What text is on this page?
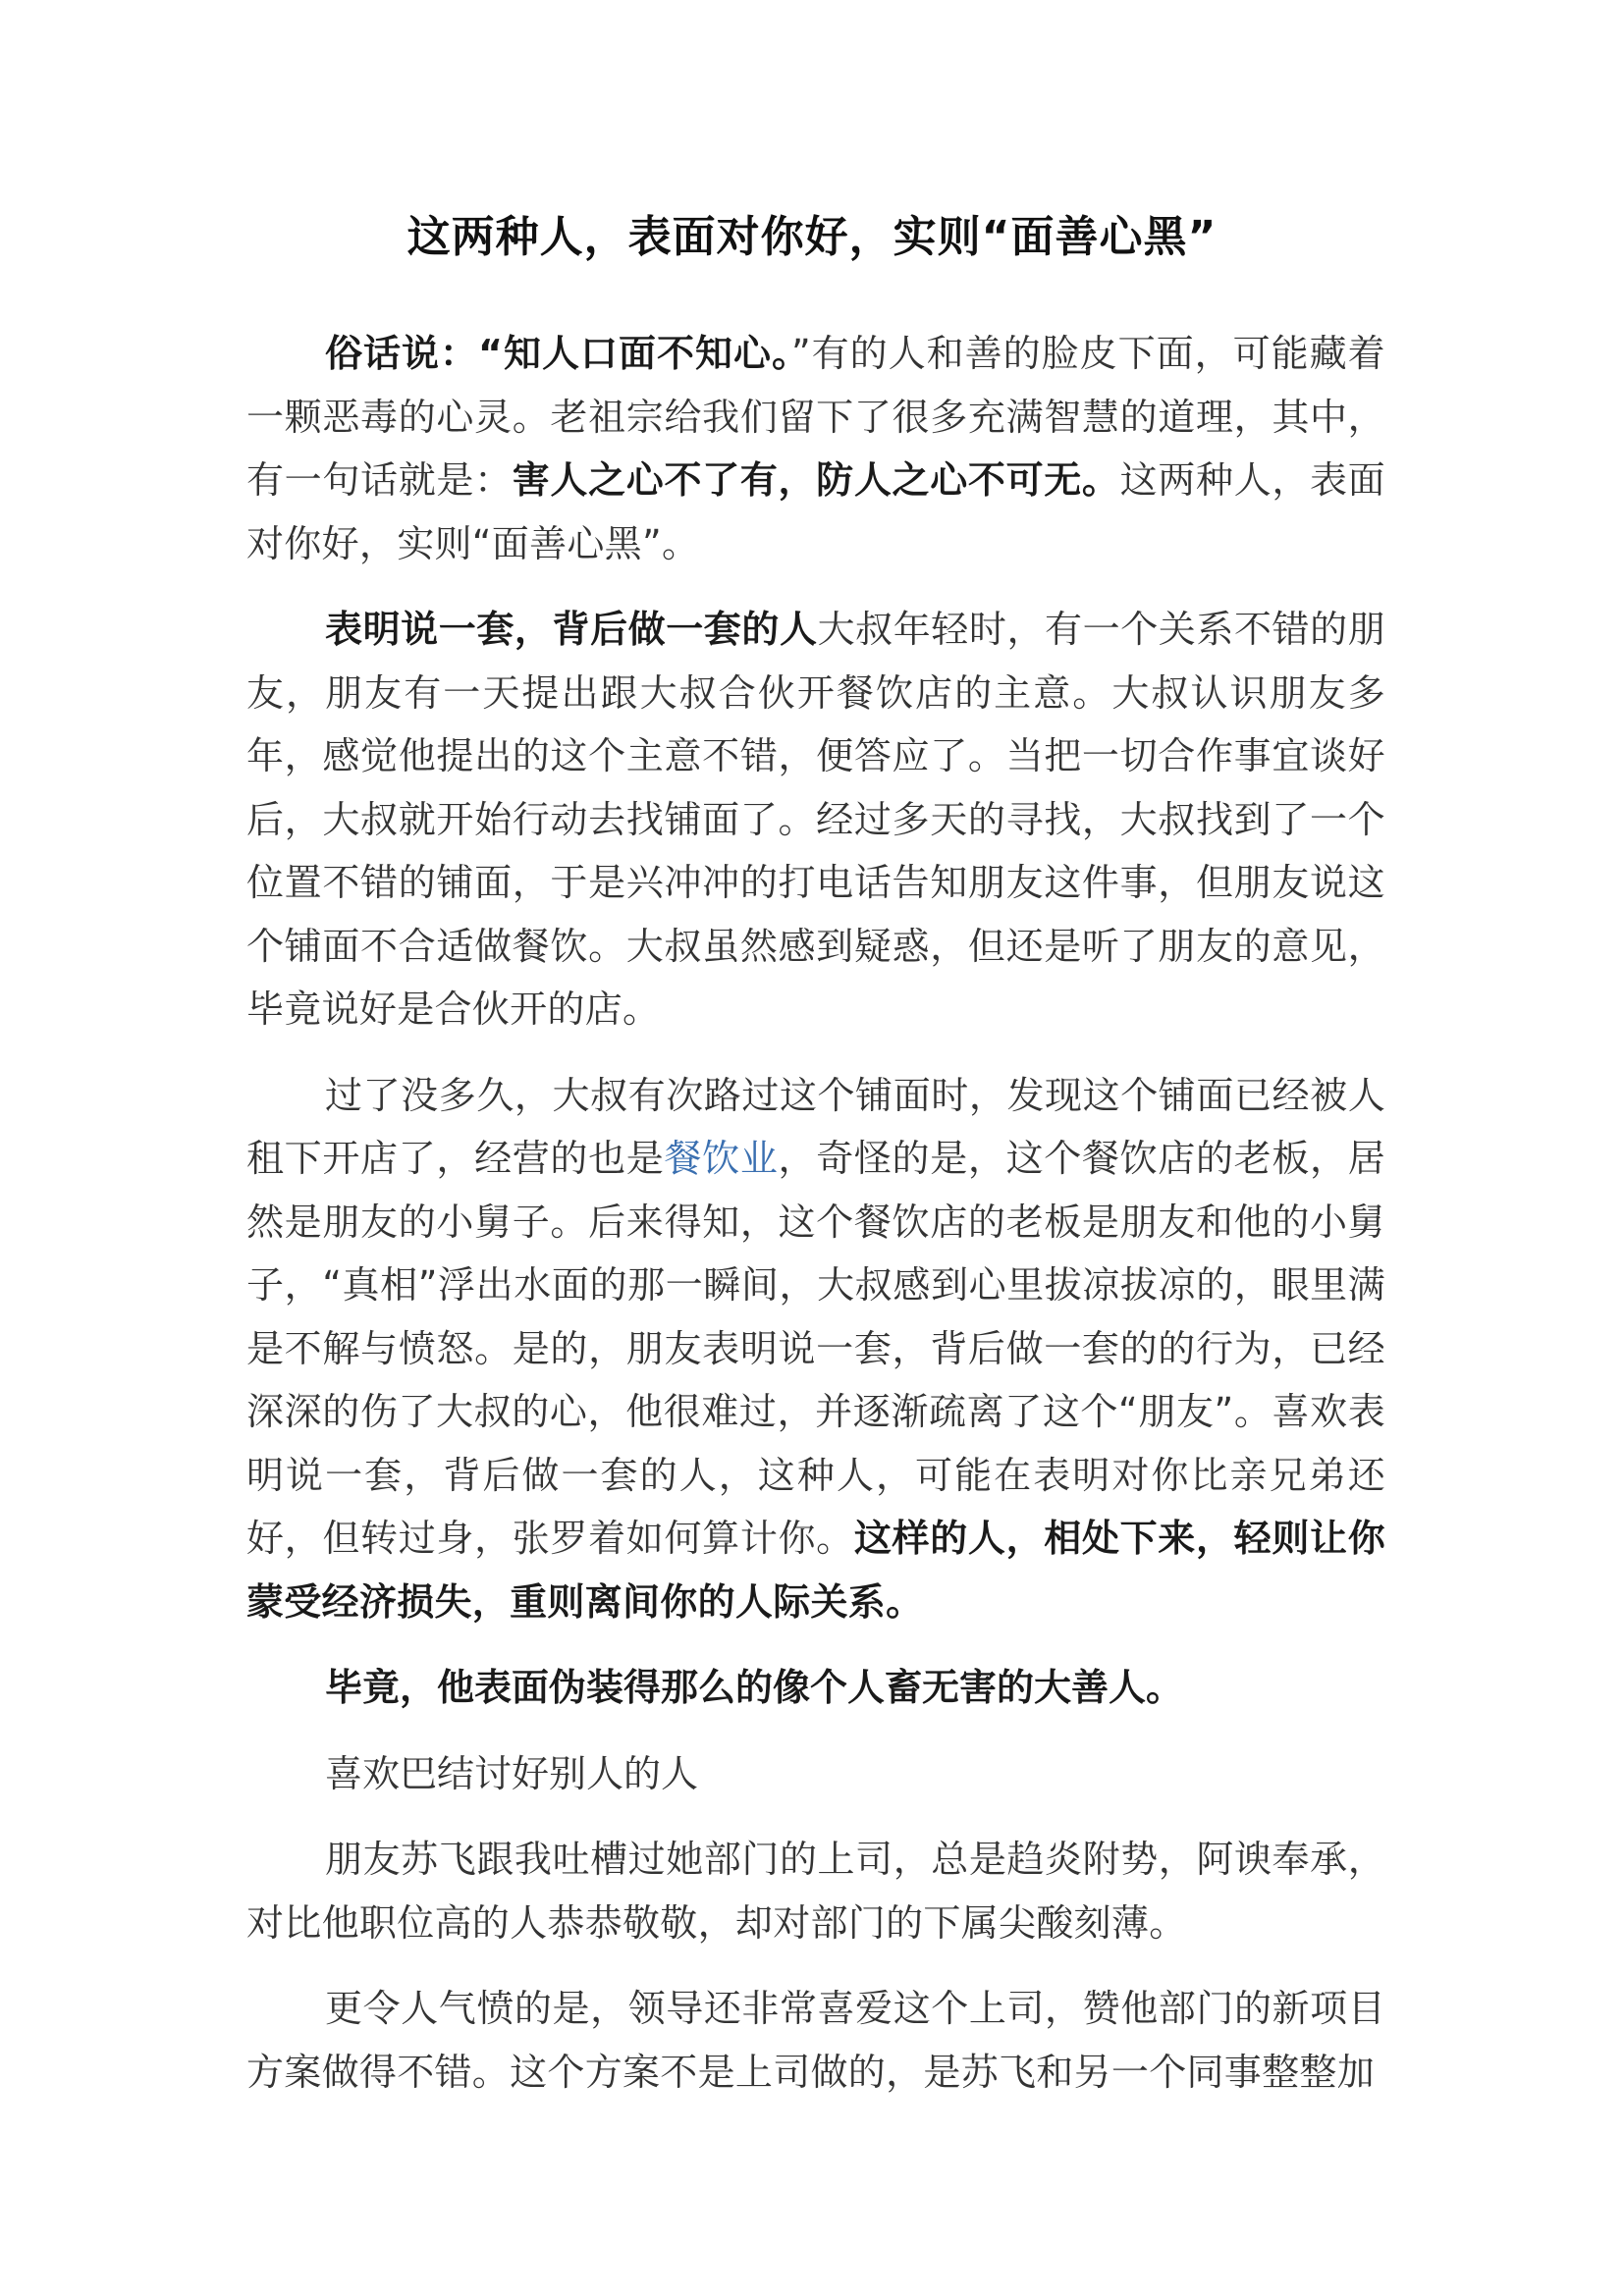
这两种人，表面对你好，实则“面善心黑”

俗话说：“知人口面不知心。”有的人和善的脸皮下面，可能藏着一颗恶毒的心灵。老祖宗给我们留下了很多充满智慧的道理，其中，有一句话就是：害人之心不了有，防人之心不可无。这两种人，表面对你好，实则“面善心黑”。

表明说一套，背后做一套的人大叔年轻时，有一个关系不错的朋友，朋友有一天提出跟大叔合伙开餐饮店的主意。大叔认识朋友多年，感觉他提出的这个主意不错，便答应了。当把一切合作事宜谈好后，大叔就开始行动去找铺面了。经过多天的寻找，大叔找到了一个位置不错的铺面，于是兴冲冲的打电话告知朋友这件事，但朋友说这个铺面不合适做餐饮。大叔虽然感到疑惑，但还是听了朋友的意见，毕竟说好是合伙开的店。

过了没多久，大叔有次路过这个铺面时，发现这个铺面已经被人租下开店了，经营的也是餐饮业，奇怪的是，这个餐饮店的老板，居然是朋友的小舅子。后来得知，这个餐饮店的老板是朋友和他的小舅子，“真相”浮出水面的那一瞬间，大叔感到心里拔凉拔凉的，眼里满是不解与愤怒。是的，朋友表明说一套，背后做一套的的行为，已经深深的伤了大叔的心，他很难过，并逐渐疏离了这个“朋友”。喜欢表明说一套，背后做一套的人，这种人，可能在表明对你比亲兄弟还好，但转过身，张罗着如何算计你。这样的人，相处下来，轻则让你蒙受经济损失，重则离间你的人际关系。

毕竟，他表面伪装得那么的像个人畜无害的大善人。

喜欢巴结讨好别人的人

朋友苏飞跟我吐槽过她部门的上司，总是趋炎附势，阿谀奉承，对比他职位高的人恭恭敬敬，却对部门的下属尖酸刻薄。

更令人气愤的是，领导还非常喜爱这个上司，赞他部门的新项目方案做得不错。这个方案不是上司做的，是苏飞和另一个同事整整加
